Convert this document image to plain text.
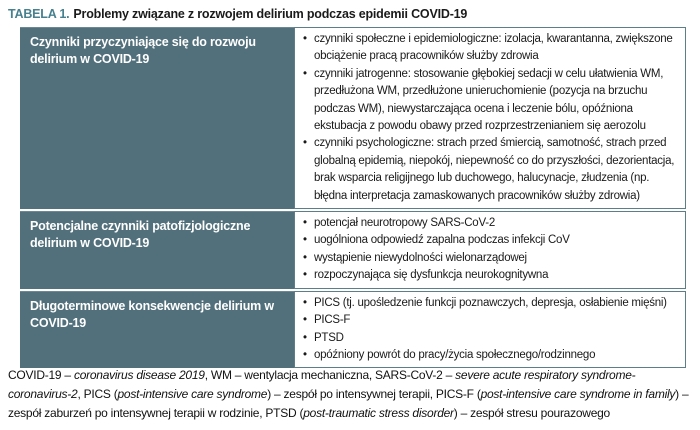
TABELA 1. Problemy związane z rozwojem delirium podczas epidemii COVID-19
Czynniki przyczyniające się do rozwoju delirium w COVID-19
• czynniki społeczne i epidemiologiczne: izolacja, kwarantanna, zwiększone obciążenie pracą pracowników służby zdrowia
• czynniki jatrogenne: stosowanie głębokiej sedacji w celu ułatwienia WM, przedłużona WM, przedłużone unieruchomienie (pozycja na brzuchu podczas WM), niewystarczająca ocena i leczenie bólu, opóźniona ekstubacja z powodu obawy przed rozprzestrzenianiem się aerozolu
• czynniki psychologiczne: strach przed śmiercią, samotność, strach przed globalną epidemią, niepokój, niepewność co do przyszłości, dezorientacja, brak wsparcia religijnego lub duchowego, halucynacje, złudzenia (np. błędna interpretacja zamaskowanych pracowników służby zdrowia)
Potencjalne czynniki patofizjologiczne delirium w COVID-19
• potencjał neurotropowy SARS-CoV-2
• uogólniona odpowiedź zapalna podczas infekcji CoV
• wystąpienie niewydolności wielonarządowej
• rozpoczynająca się dysfunkcja neurokognitywna
Długoterminowe konsekwencje delirium w COVID-19
• PICS (tj. upośledzenie funkcji poznawczych, depresja, osłabienie mięśni)
• PICS-F
• PTSD
• opóźniony powrót do pracy/życia społecznego/rodzinnego
COVID-19 – coronavirus disease 2019, WM – wentylacja mechaniczna, SARS-CoV-2 – severe acute respiratory syndrome-coronavirus-2, PICS (post-intensive care syndrome) – zespół po intensywnej terapii, PICS-F (post-intensive care syndrome in family) – zespół zaburzeń po intensywnej terapii w rodzinie, PTSD (post-traumatic stress disorder) – zespół stresu pourazowego
